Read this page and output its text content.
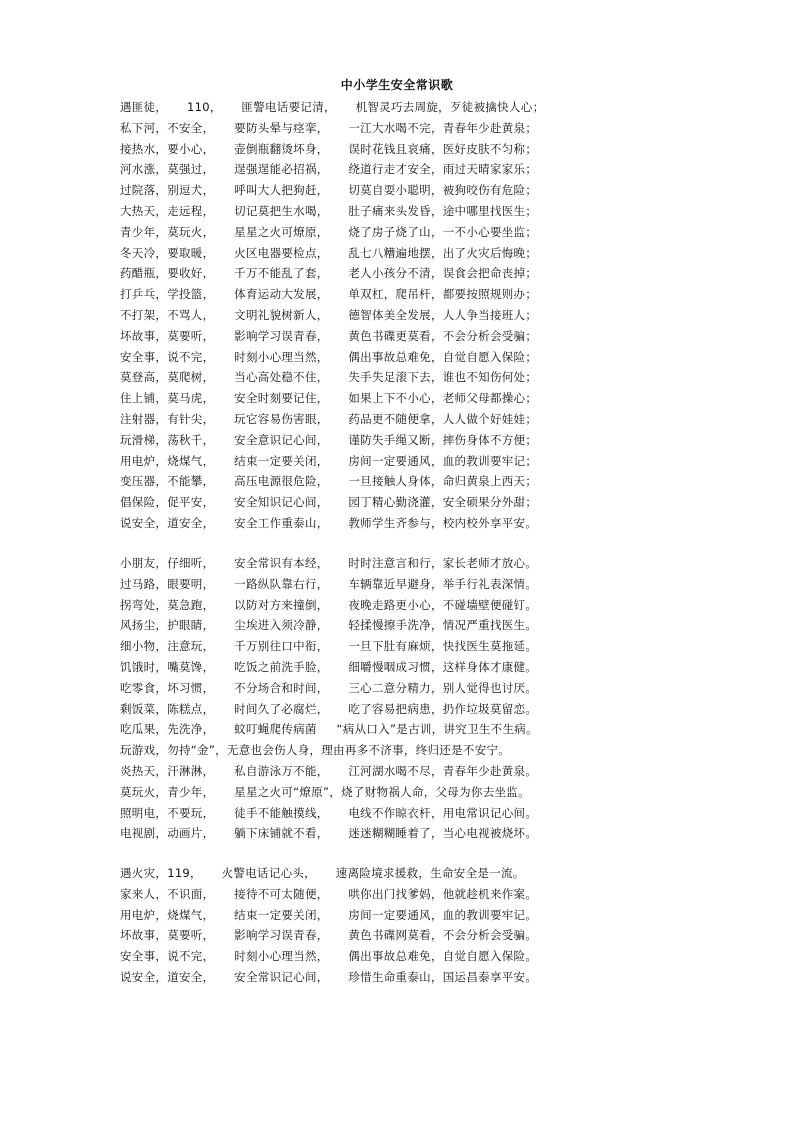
中小学生安全常识歌
遇匪徒，     110，     匪警电话要记清，     机智灵巧去周旋，歹徒被擒快人心；
私下河，不安全，     要防头晕与痉挛，     一江大水喝不完，青春年少赴黄泉；
接热水，要小心，     壶倒瓶翻烫坏身，     误时花钱且哀痛，医好皮肤不匀称；
河水涨，莫强过，     逞强逞能必招祸，     绕道行走才安全，雨过天晴家家乐；
过院落，别逗犬，     呼叫大人把狗赶，     切莫自耍小聪明，被狗咬伤有危险；
大热天，走远程，     切记莫把生水喝，     肚子痛来头发昏，途中哪里找医生；
青少年，莫玩火，     星星之火可燎原，     烧了房子烧了山，一不小心要坐监；
冬天冷，要取暖，     火区电器要检点，     乱七八糟遍地摆，出了火灾后悔晚；
药醋瓶，要收好，     千万不能乱了套，     老人小孩分不清，误食会把命丧掉；
打乒乓，学投篮，     体育运动大发展，     单双杠，爬吊杆，都要按照规则办；
不打架，不骂人，     文明礼貌树新人，     德智体美全发展，人人争当接班人；
坏故事，莫要听，     影响学习误青春，     黄色书碟更莫看，不会分析会受骗；
安全事，说不完，     时刻小心理当然，     偶出事故总难免，自觉自愿入保险；
莫登高，莫爬树，     当心高处稳不住，     失手失足滚下去，谁也不知伤何处；
住上铺，莫马虎，     安全时刻要记住，     如果上下不小心，老师父母都操心；
注射器，有针尖，     玩它容易伤害眼，     药品更不随便拿，人人做个好娃娃；
玩滑梯，荡秋千，     安全意识记心间，     谨防失手绳又断，摔伤身体不方便；
用电炉，烧煤气，     结束一定要关闭，     房间一定要通风，血的教训要牢记；
变压器，不能攀，     高压电源很危险，     一旦接触人身体，命归黄泉上西天；
倡保险，促平安，     安全知识记心间，     园丁精心勤浇灌，安全硕果分外甜；
说安全，道安全，     安全工作重泰山，     教师学生齐参与，校内校外享平安。
小朋友，仔细听，     安全常识有本经，     时时注意言和行，家长老师才放心。
过马路，眼要明，     一路纵队靠右行，     车辆靠近早避身，举手行礼表深情。
拐弯处，莫急跑，     以防对方来撞倒，     夜晚走路更小心，不碰墙壁便碰钉。
风扬尘，护眼睛，     尘埃进入须冷静，     轻揉慢擦手洗净，情况严重找医生。
细小物，注意玩，     千万别往口中衔，     一旦下肚有麻烦，快找医生莫拖延。
饥饿时，嘴莫馋，     吃饭之前洗手脸，     细嚼慢咽成习惯，这样身体才康健。
吃零食，坏习惯，     不分场合和时间，     三心二意分精力，别人觉得也讨厌。
剩饭菜，陈糕点，     时间久了必腐烂，     吃了容易把病患，扔作垃圾莫留恋。
吃瓜果，先洗净，     蚊叮蝇爬传病菌     “病从口入”是古训，讲究卫生不生病。
玩游戏，勿持“金”，无意也会伤人身，理由再多不济事，终归还是不安宁。
炎热天，汗淋淋，     私自游泳万不能，     江河湖水喝不尽，青春年少赴黄泉。
莫玩火，青少年，     星星之火可“燎原”，烧了财物祸人命，父母为你去坐监。
照明电，不要玩，     徒手不能触摸线，     电线不作晾衣杆，用电常识记心间。
电视剧，动画片，     躺下床铺就不看，     迷迷糊糊睡着了，当心电视被烧坏。
遇火灾，119，     火警电话记心头，     速离险境求援救，生命安全是一流。
家来人，不识面，     接待不可太随便，     哄你出门找爹妈，他就趁机来作案。
用电炉，烧煤气，     结束一定要关闭，     房间一定要通风，血的教训要牢记。
坏故事，莫要听，     影响学习误青春，     黄色书碟网莫看，不会分析会受骗。
安全事，说不完，     时刻小心理当然，     偶出事故总难免，自觉自愿入保险。
说安全，道安全，     安全常识记心间，     珍惜生命重泰山，国运昌泰享平安。
